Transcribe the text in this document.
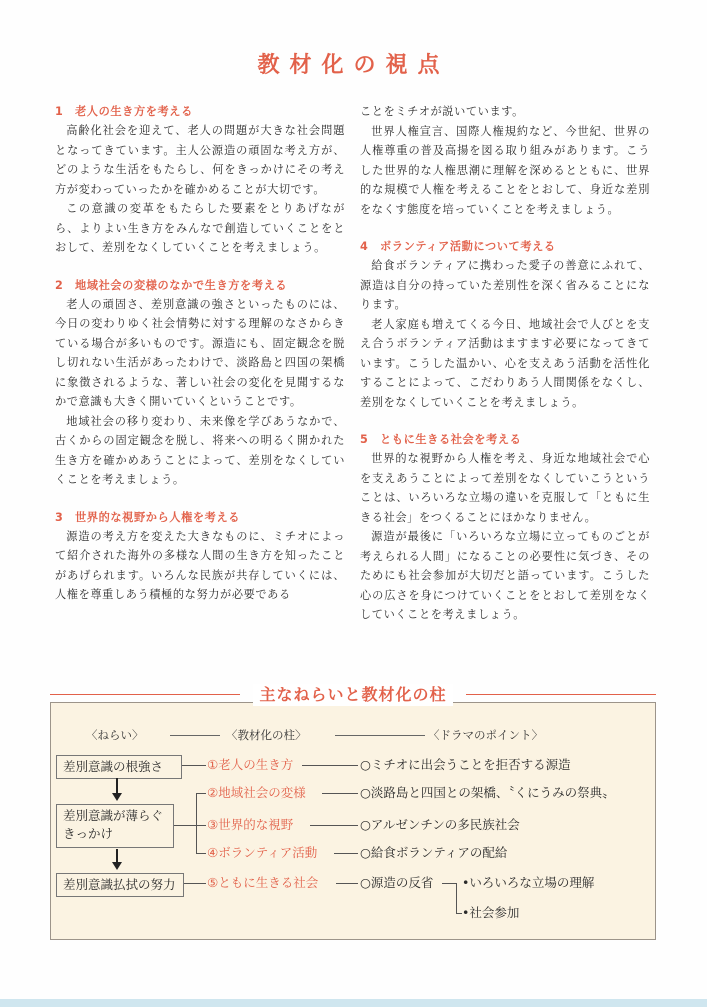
教材化の視点

1 老人の生き方を考える

高齢化社会を迎えて、老人の問題が大きな社会問題となってきています。主人公源造の頑固な考え方が、どのような生活をもたらし、何をきっかけにその考え方が変わっていったかを確かめることが大切です。

この意識の変革をもたらした要素をとりあげながら、よりよい生き方をみんなで創造していくことをとおして、差別をなくしていくことを考えましょう。

2 地域社会の変様のなかで生き方を考える

老人の頑固さ、差別意識の強さといったものには、今日の変わりゆく社会情勢に対する理解のなさからきている場合が多いものです。源造にも、固定観念を脱し切れない生活があったわけで、淡路島と四国の架橋に象徴されるような、著しい社会の変化を見聞するなかで意識も大きく開いていくということです。

地域社会の移り変わり、未来像を学びあうなかで、古くからの固定観念を脱し、将来への明るく開かれた生き方を確かめあうことによって、差別をなくしていくことを考えましょう。

3 世界的な視野から人権を考える

源造の考え方を変えた大きなものに、ミチオによって紹介された海外の多様な人間の生き方を知ったことがあげられます。いろんな民族が共存していくには、人権を尊重しあう積極的な努力が必要である

ことをミチオが説いています。

世界人権宣言、国際人権規約など、今世紀、世界の人権尊重の普及高揚を図る取り組みがあります。こうした世界的な人権思潮に理解を深めるとともに、世界的な規模で人権を考えることをとおして、身近な差別をなくす態度を培っていくことを考えましょう。

4 ボランティア活動について考える

給食ボランティアに携わった愛子の善意にふれて、源造は自分の持っていた差別性を深く省みることになります。

老人家庭も増えてくる今日、地域社会で人びとを支え合うボランティア活動はますます必要になってきています。こうした温かい、心を支えあう活動を活性化することによって、こだわりあう人間関係をなくし、差別をなくしていくことを考えましょう。

5 ともに生きる社会を考える

世界的な視野から人権を考え、身近な地域社会で心を支えあうことによって差別をなくしていこうということは、いろいろな立場の違いを克服して「ともに生きる社会」をつくることにほかなりません。

源造が最後に「いろいろな立場に立ってものごとが考えられる人間」になることの必要性に気づき、そのためにも社会参加が大切だと語っています。こうした心の広さを身につけていくことをとおして差別をなくしていくことを考えましょう。

主なねらいと教材化の柱
〈ねらい〉	〈教材化の柱〉	〈ドラマのポイント〉
差別意識の根強さ
差別意識が薄らぐきっかけ
差別意識払拭の努力
①老人の生き方
②地域社会の変様
③世界的な視野
④ボランティア活動
⑤ともに生きる社会
○ミチオに出会うことを拒否する源造
○淡路島と四国との架橋、〝くにうみの祭典〟
○アルゼンチンの多民族社会
○給食ボランティアの配給
○源造の反省 •いろいろな立場の理解
•社会参加
